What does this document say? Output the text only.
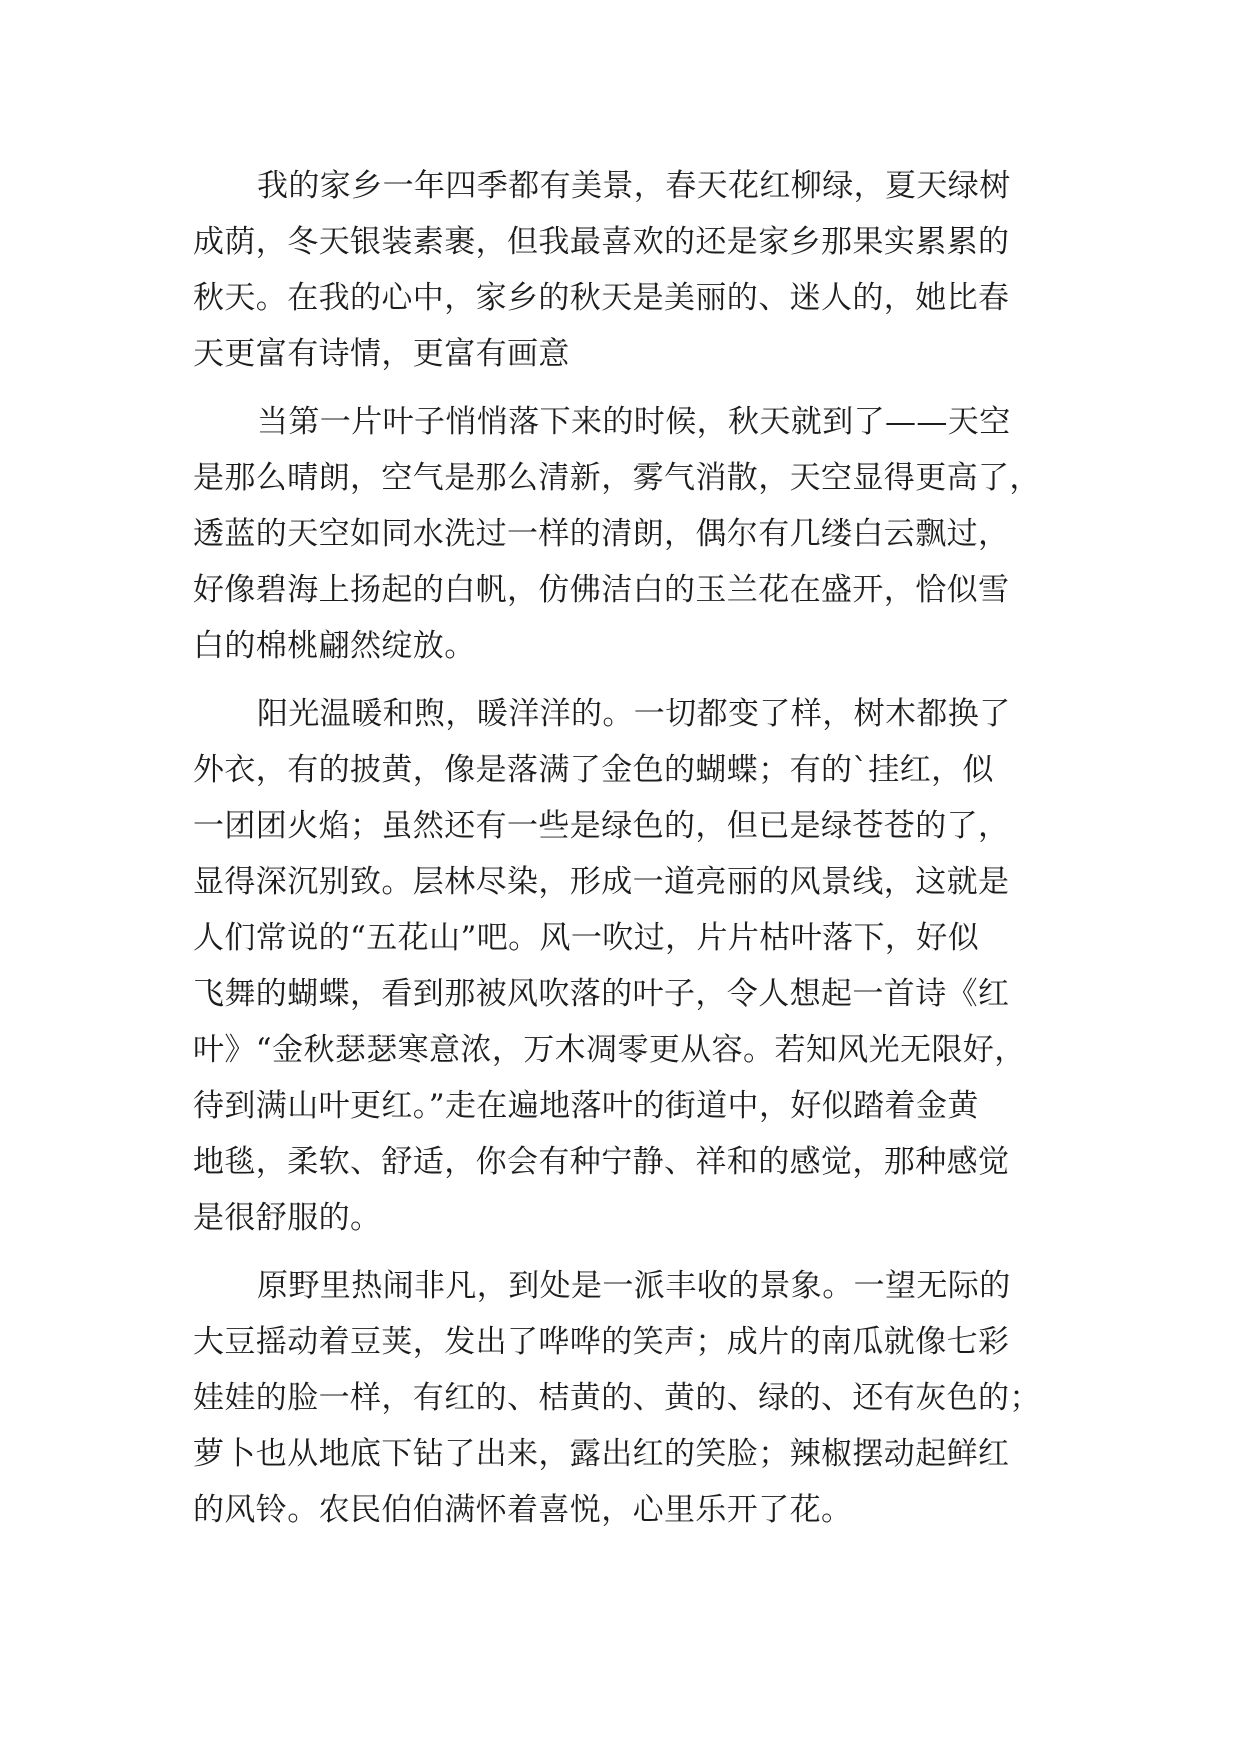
我的家乡一年四季都有美景，春天花红柳绿，夏天绿树

成荫，冬天银装素裹，但我最喜欢的还是家乡那果实累累的

秋天。在我的心中，家乡的秋天是美丽的、迷人的，她比春

天更富有诗情，更富有画意

当第一片叶子悄悄落下来的时候，秋天就到了——天空

是那么晴朗，空气是那么清新，雾气消散，天空显得更高了，

透蓝的天空如同水洗过一样的清朗，偶尔有几缕白云飘过，

好像碧海上扬起的白帆，仿佛洁白的玉兰花在盛开，恰似雪

白的棉桃翩然绽放。

阳光温暖和煦，暖洋洋的。一切都变了样，树木都换了

外衣，有的披黄，像是落满了金色的蝴蝶；有的`挂红，似

一团团火焰；虽然还有一些是绿色的，但已是绿苍苍的了，

显得深沉别致。层林尽染，形成一道亮丽的风景线，这就是

人们常说的“五花山”吧。风一吹过，片片枯叶落下，好似

飞舞的蝴蝶，看到那被风吹落的叶子，令人想起一首诗《红

叶》“金秋瑟瑟寒意浓，万木凋零更从容。若知风光无限好，

待到满山叶更红。”走在遍地落叶的街道中，好似踏着金黄

地毯，柔软、舒适，你会有种宁静、祥和的感觉，那种感觉

是很舒服的。

原野里热闹非凡，到处是一派丰收的景象。一望无际的

大豆摇动着豆荚，发出了哗哗的笑声；成片的南瓜就像七彩

娃娃的脸一样，有红的、桔黄的、黄的、绿的、还有灰色的；

萝卜也从地底下钻了出来，露出红的笑脸；辣椒摆动起鲜红

的风铃。农民伯伯满怀着喜悦，心里乐开了花。
